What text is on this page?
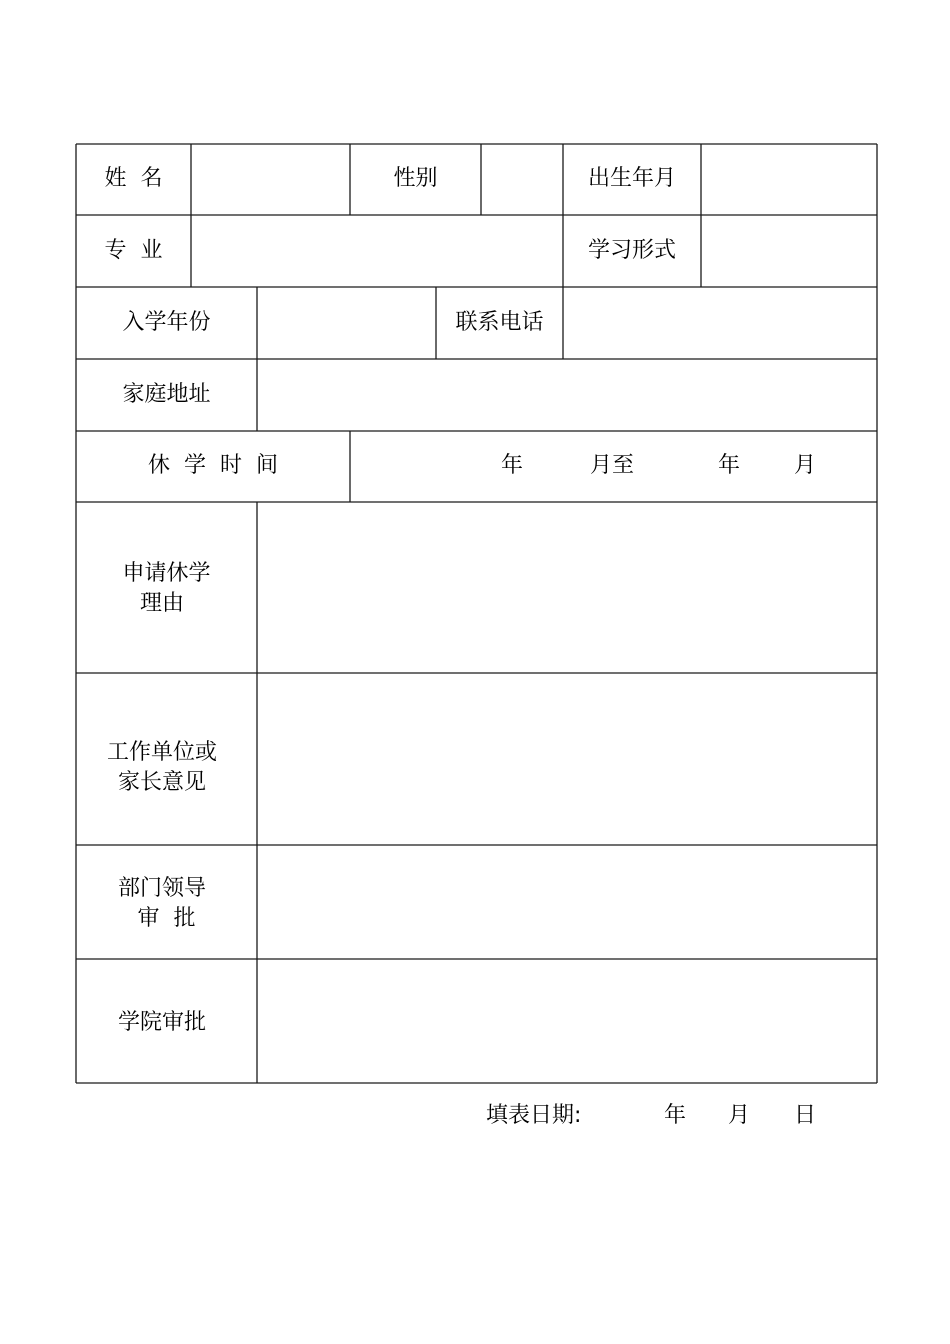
姓  名	性别	出生年月
专  业	学习形式
入学年份	联系电话
家庭地址
休  学  时  间	年	月至	年 月
申请休学
理由
工作单位或
家长意见
部门领导
审  批
学院审批
填表日期:	年 月 日
